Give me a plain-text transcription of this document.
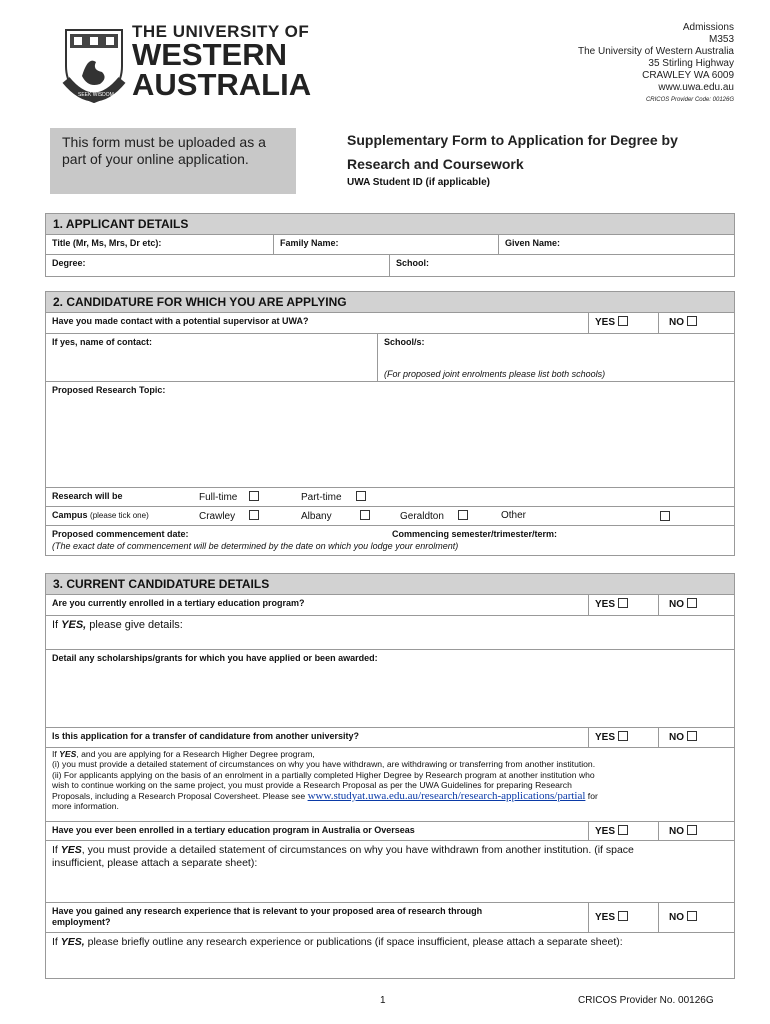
SEEK WISDOM
THE UNIVERSITY OF
WESTERN
AUSTRALIA
Admissions
M353
The University of Western Australia
35 Stirling Highway
CRAWLEY WA 6009
www.uwa.edu.au
CRICOS Provider Code: 00126G
This form must be uploaded as a part of your online application.
Supplementary Form to Application for Degree by
Research and Coursework
UWA Student ID (if applicable)
1. APPLICANT DETAILS
Title (Mr, Ms, Mrs, Dr etc):	Family Name:	Given Name:
Degree:	School:
2. CANDIDATURE FOR WHICH YOU ARE APPLYING
Have you made contact with a potential supervisor at UWA?	YES	NO
If yes, name of contact:	School/s:
(For proposed joint enrolments please list both schools)
Proposed Research Topic:
Research will be	Full-time	Part-time
Campus (please tick one)	Crawley	Albany	Geraldton	Other
Proposed commencement date:	Commencing semester/trimester/term:
(The exact date of commencement will be determined by the date on which you lodge your enrolment)
3. CURRENT CANDIDATURE DETAILS
Are you currently enrolled in a tertiary education program?	YES	NO
If YES, please give details:
Detail any scholarships/grants for which you have applied or been awarded:
Is this application for a transfer of candidature from another university?	YES	NO
If YES, and you are applying for a Research Higher Degree program,
(i) you must provide a detailed statement of circumstances on why you have withdrawn, are withdrawing or transferring from another institution.
(ii) For applicants applying on the basis of an enrolment in a partially completed Higher Degree by Research program at another institution who
wish to continue working on the same project, you must provide a Research Proposal as per the UWA Guidelines for preparing Research
Proposals, including a Research Proposal Coversheet. Please see www.studyat.uwa.edu.au/research/research-applications/partial for
more information.
Have you ever been enrolled in a tertiary education program in Australia or Overseas	YES	NO
If YES, you must provide a detailed statement of circumstances on why you have withdrawn from another institution. (if space
insufficient, please attach a separate sheet):
Have you gained any research experience that is relevant to your proposed area of research through
employment?	YES	NO
If YES, please briefly outline any research experience or publications (if space insufficient, please attach a separate sheet):
1	CRICOS Provider No. 00126G
